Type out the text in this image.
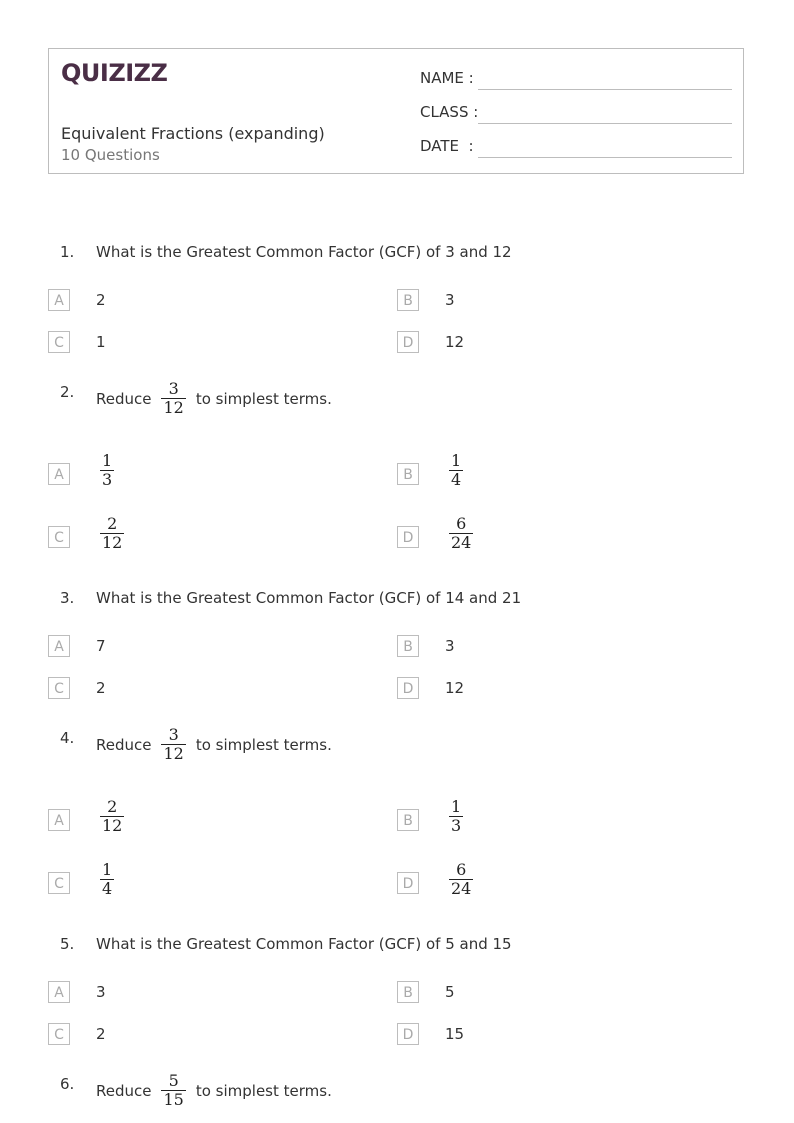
QUIZIZZ
Equivalent Fractions (expanding)
10 Questions
NAME :
CLASS :
DATE  :
1. What is the Greatest Common Factor (GCF) of 3 and 12
A	2	B	3
C	1	D	12
2. Reduce $\frac{3}{12}$ to simplest terms.
A	$\frac{1}{3}$	B	$\frac{1}{4}$
C	$\frac{2}{12}$	D	$\frac{6}{24}$
3. What is the Greatest Common Factor (GCF) of 14 and 21
A	7	B	3
C	2	D	12
4. Reduce $\frac{3}{12}$ to simplest terms.
A	$\frac{2}{12}$	B	$\frac{1}{3}$
C	$\frac{1}{4}$	D	$\frac{6}{24}$
5. What is the Greatest Common Factor (GCF) of 5 and 15
A	3	B	5
C	2	D	15
6. Reduce $\frac{5}{15}$ to simplest terms.
